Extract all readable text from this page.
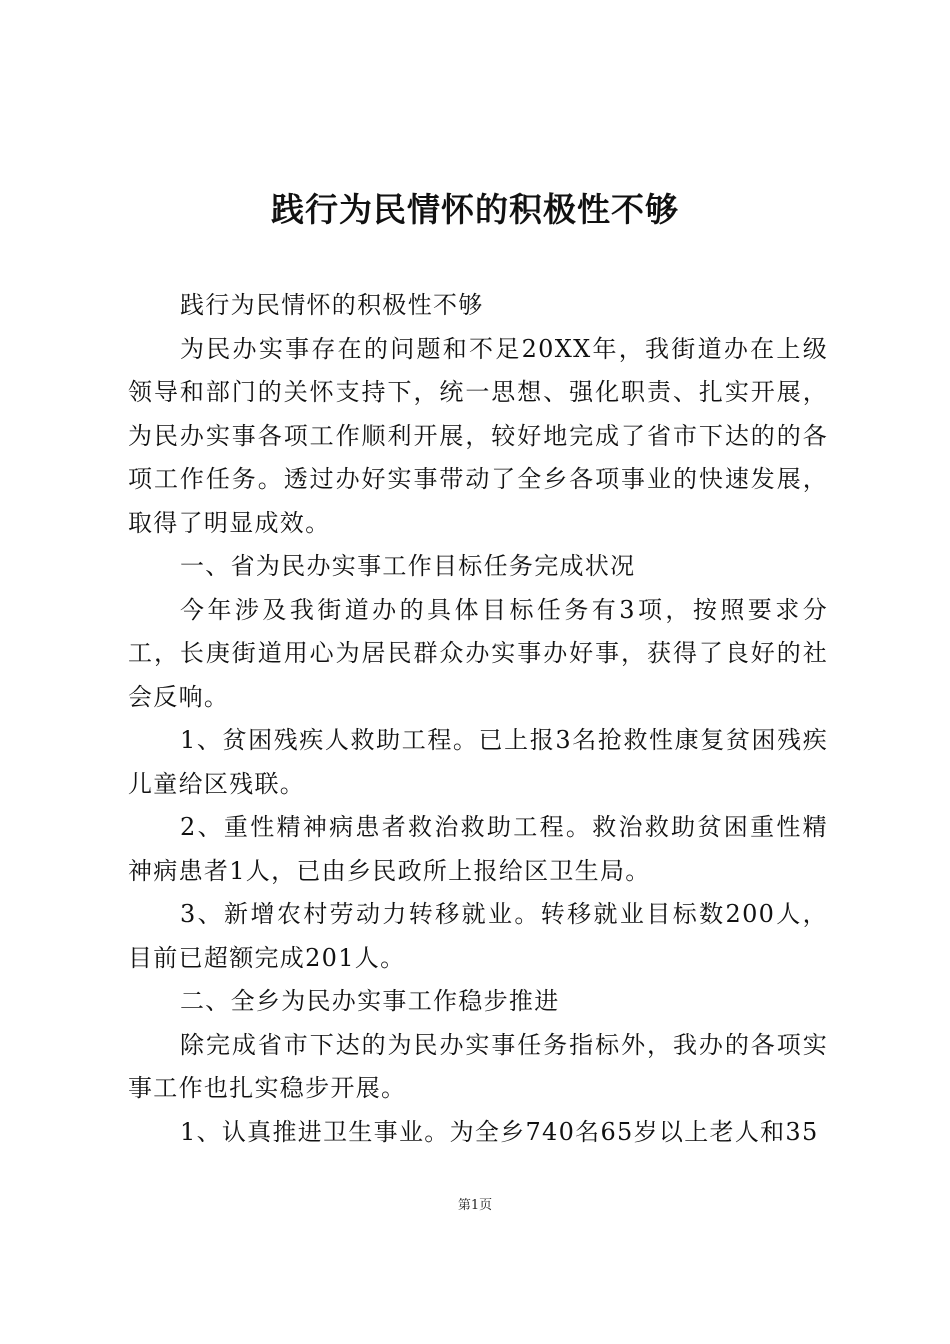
践行为民情怀的积极性不够

践行为民情怀的积极性不够

为民办实事存在的问题和不足20XX年，我街道办在上级领导和部门的关怀支持下，统一思想、强化职责、扎实开展，为民办实事各项工作顺利开展，较好地完成了省市下达的的各项工作任务。透过办好实事带动了全乡各项事业的快速发展，取得了明显成效。

一、省为民办实事工作目标任务完成状况

今年涉及我街道办的具体目标任务有3项，按照要求分工，长庚街道用心为居民群众办实事办好事，获得了良好的社会反响。

1、贫困残疾人救助工程。已上报3名抢救性康复贫困残疾儿童给区残联。

2、重性精神病患者救治救助工程。救治救助贫困重性精神病患者1人，已由乡民政所上报给区卫生局。

3、新增农村劳动力转移就业。转移就业目标数200人，目前已超额完成201人。

二、全乡为民办实事工作稳步推进

除完成省市下达的为民办实事任务指标外，我办的各项实事工作也扎实稳步开展。

1、认真推进卫生事业。为全乡740名65岁以上老人和35

第1页
